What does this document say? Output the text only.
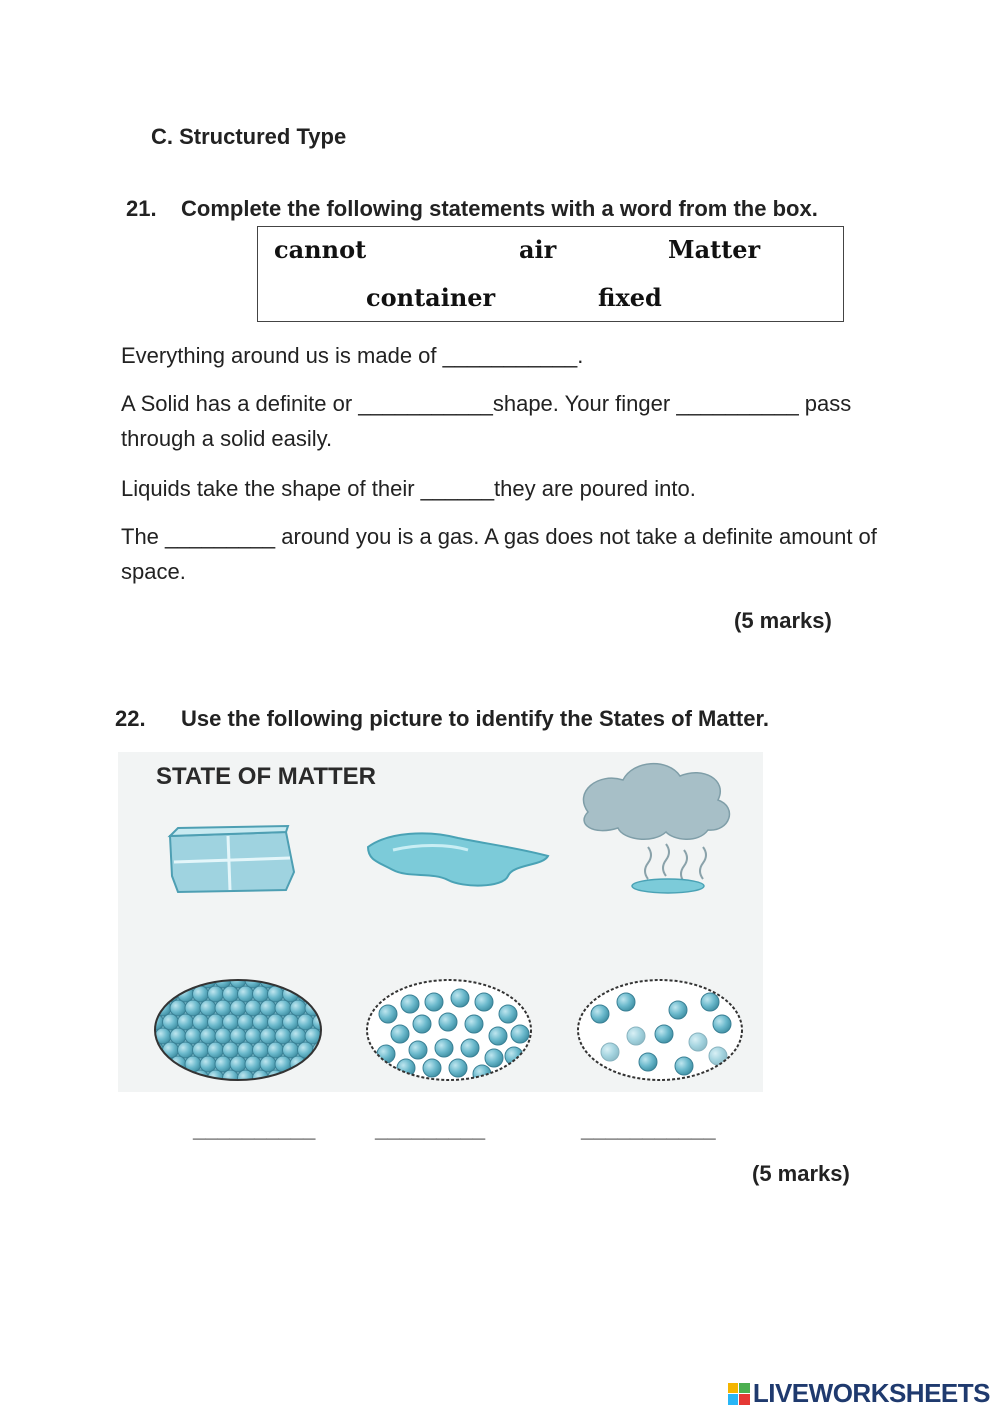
C. Structured Type
21. Complete the following statements with a word from the box.
cannot	air	Matter
container	fixed
Everything around us is made of ___________.
A Solid has a definite or ___________shape. Your finger __________ pass through a solid easily.
Liquids take the shape of their ______they are poured into.
The _________ around you is a gas. A gas does not take a definite amount of space.
(5 marks)
22. Use the following picture to identify the States of Matter.
STATE OF MATTER
__________	_________	___________
(5 marks)
LIVEWORKSHEETS
